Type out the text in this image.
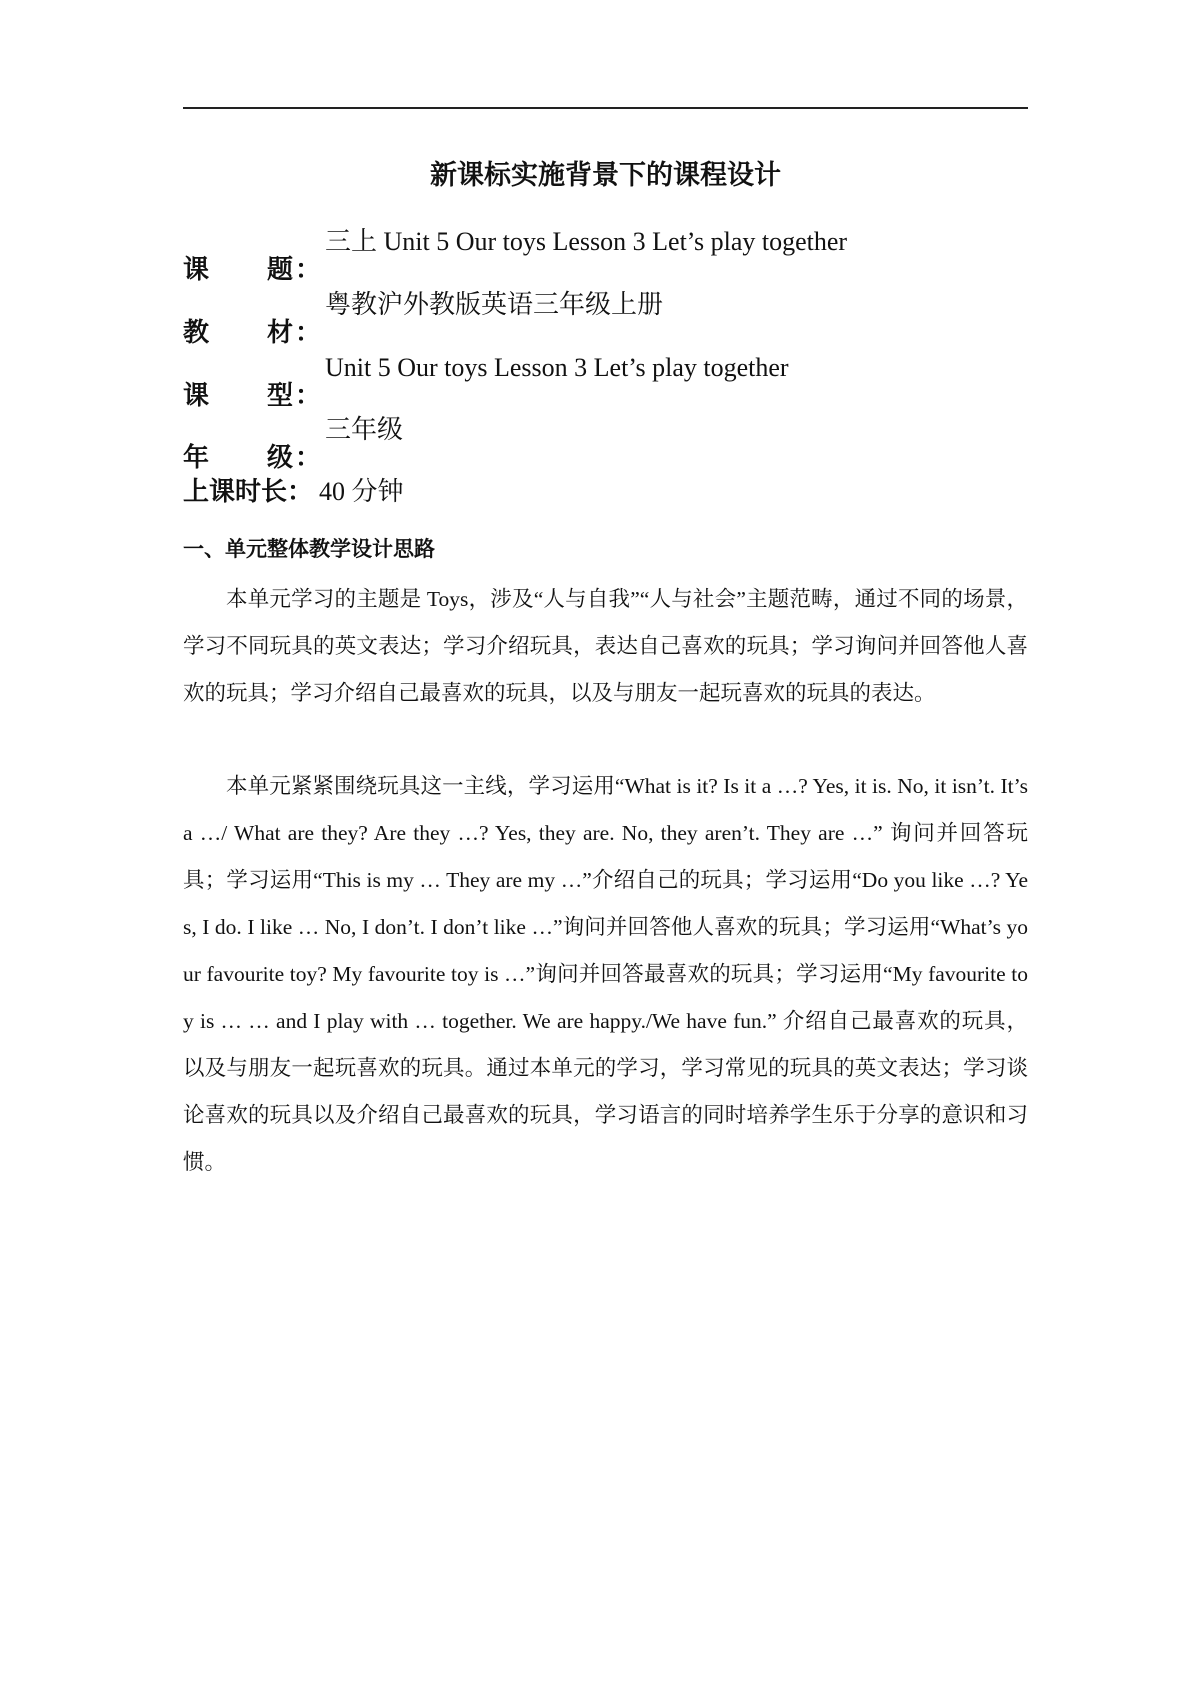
新课标实施背景下的课程设计
课 题 ：
三上 Unit 5 Our toys Lesson 3 Let’s play together
教 材 ：
粤教沪外教版英语三年级上册
课 型 ：
Unit 5 Our toys Lesson 3 Let’s play together
年 级 ：
三年级
上课时长：40 分钟
一、单元整体教学设计思路

本单元学习的主题是 Toys，涉及“人与自我”“人与社会”主题范畴，通过不同的场景，学习不同玩具的英文表达；学习介绍玩具，表达自己喜欢的玩具；学习询问并回答他人喜欢的玩具；学习介绍自己最喜欢的玩具，以及与朋友一起玩喜欢的玩具的表达。

本单元紧紧围绕玩具这一主线，学习运用“What is it? Is it a …? Yes, it is. No, it isn’t. It’s a …/ What are they? Are they …? Yes, they are. No, they aren’t. They are …” 询问并回答玩具；学习运用“This is my … They are my …”介绍自己的玩具；学习运用“Do you like …? Yes, I do. I like … No, I don’t. I don’t like …”询问并回答他人喜欢的玩具；学习运用“What’s your favourite toy? My favourite toy is …”询问并回答最喜欢的玩具；学习运用“My favourite toy is … … and I play with … together. We are happy./We have fun.” 介绍自己最喜欢的玩具，以及与朋友一起玩喜欢的玩具。通过本单元的学习，学习常见的玩具的英文表达；学习谈论喜欢的玩具以及介绍自己最喜欢的玩具，学习语言的同时培养学生乐于分享的意识和习惯。
